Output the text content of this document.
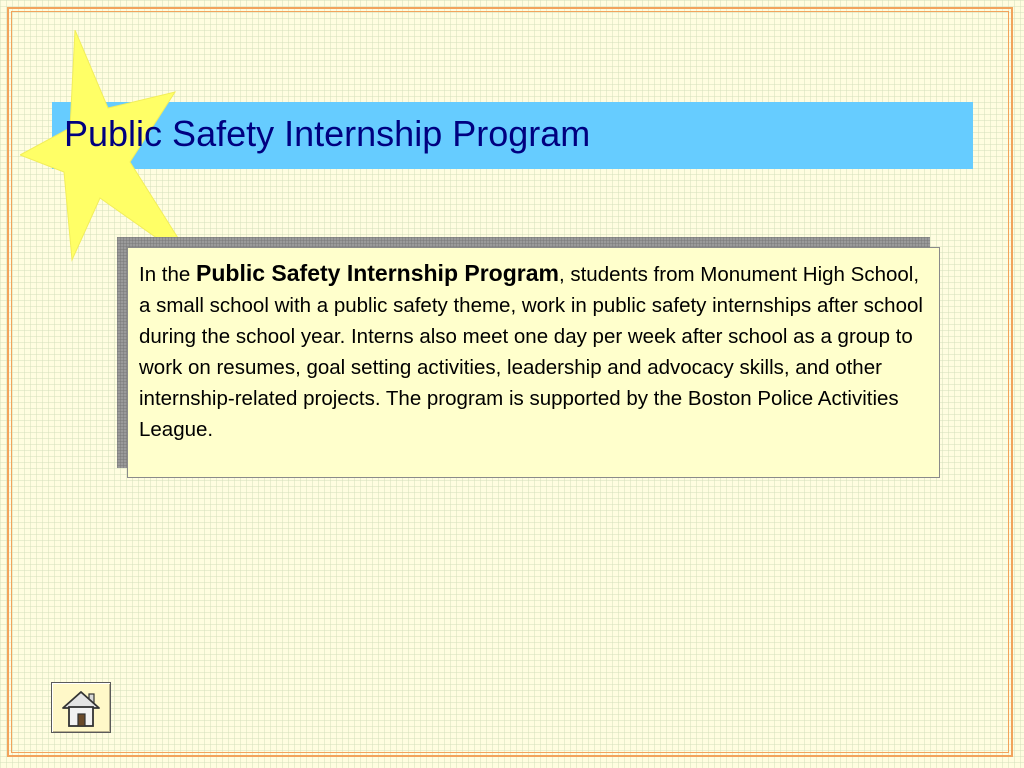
Public Safety Internship Program

In the Public Safety Internship Program, students from Monument High School, a small school with a public safety theme, work in public safety internships after school during the school year. Interns also meet one day per week after school as a group to work on resumes, goal setting activities, leadership and advocacy skills, and other internship-related projects. The program is supported by the Boston Police Activities League.
